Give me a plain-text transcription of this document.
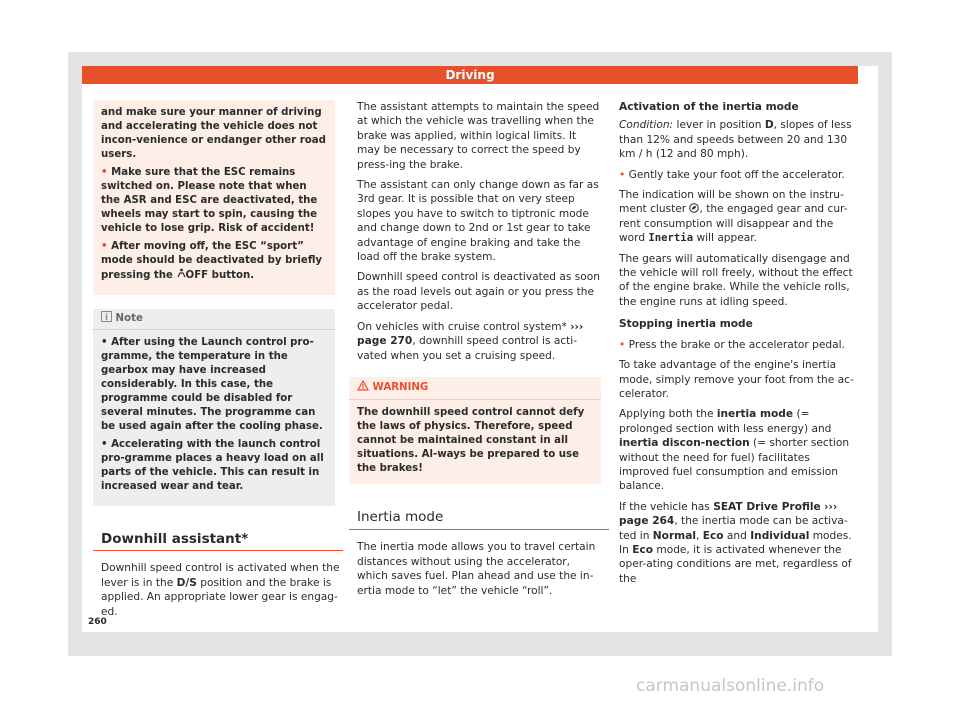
Driving

and make sure your manner of driving and accelerating the vehicle does not incon-venience or endanger other road users.

• Make sure that the ESC remains switched on. Please note that when the ASR and ESC are deactivated, the wheels may start to spin, causing the vehicle to lose grip. Risk of accident!

• After moving off, the ESC “sport” mode should be deactivated by briefly pressing the OFF button.

Note

• After using the Launch control pro-gramme, the temperature in the gearbox may have increased considerably. In this case, the programme could be disabled for several minutes. The programme can be used again after the cooling phase.

• Accelerating with the launch control pro-gramme places a heavy load on all parts of the vehicle. This can result in increased wear and tear.

Downhill assistant*

Downhill speed control is activated when the lever is in the D/S position and the brake is applied. An appropriate lower gear is engag-ed.

The assistant attempts to maintain the speed at which the vehicle was travelling when the brake was applied, within logical limits. It may be necessary to correct the speed by press-ing the brake.

The assistant can only change down as far as 3rd gear. It is possible that on very steep slopes you have to switch to tiptronic mode and change down to 2nd or 1st gear to take advantage of engine braking and take the load off the brake system.

Downhill speed control is deactivated as soon as the road levels out again or you press the accelerator pedal.

On vehicles with cruise control system* ››› page 270, downhill speed control is acti-vated when you set a cruising speed.

WARNING

The downhill speed control cannot defy the laws of physics. Therefore, speed cannot be maintained constant in all situations. Al-ways be prepared to use the brakes!

Inertia mode

The inertia mode allows you to travel certain distances without using the accelerator, which saves fuel. Plan ahead and use the in-ertia mode to “let” the vehicle “roll”.

Activation of the inertia mode

Condition: lever in position D, slopes of less than 12% and speeds between 20 and 130 km / h (12 and 80 mph).

• Gently take your foot off the accelerator.

The indication will be shown on the instru-ment cluster , the engaged gear and cur-rent consumption will disappear and the word Inertia will appear.

The gears will automatically disengage and the vehicle will roll freely, without the effect of the engine brake. While the vehicle rolls, the engine runs at idling speed.

Stopping inertia mode

• Press the brake or the accelerator pedal.

To take advantage of the engine's inertia mode, simply remove your foot from the ac-celerator.

Applying both the inertia mode (= prolonged section with less energy) and inertia discon-nection (= shorter section without the need for fuel) facilitates improved fuel consumption and emission balance.

If the vehicle has SEAT Drive Profile ››› page 264, the inertia mode can be activa-ted in Normal, Eco and Individual modes. In Eco mode, it is activated whenever the oper-ating conditions are met, regardless of the

260
carmanualsonline.info
